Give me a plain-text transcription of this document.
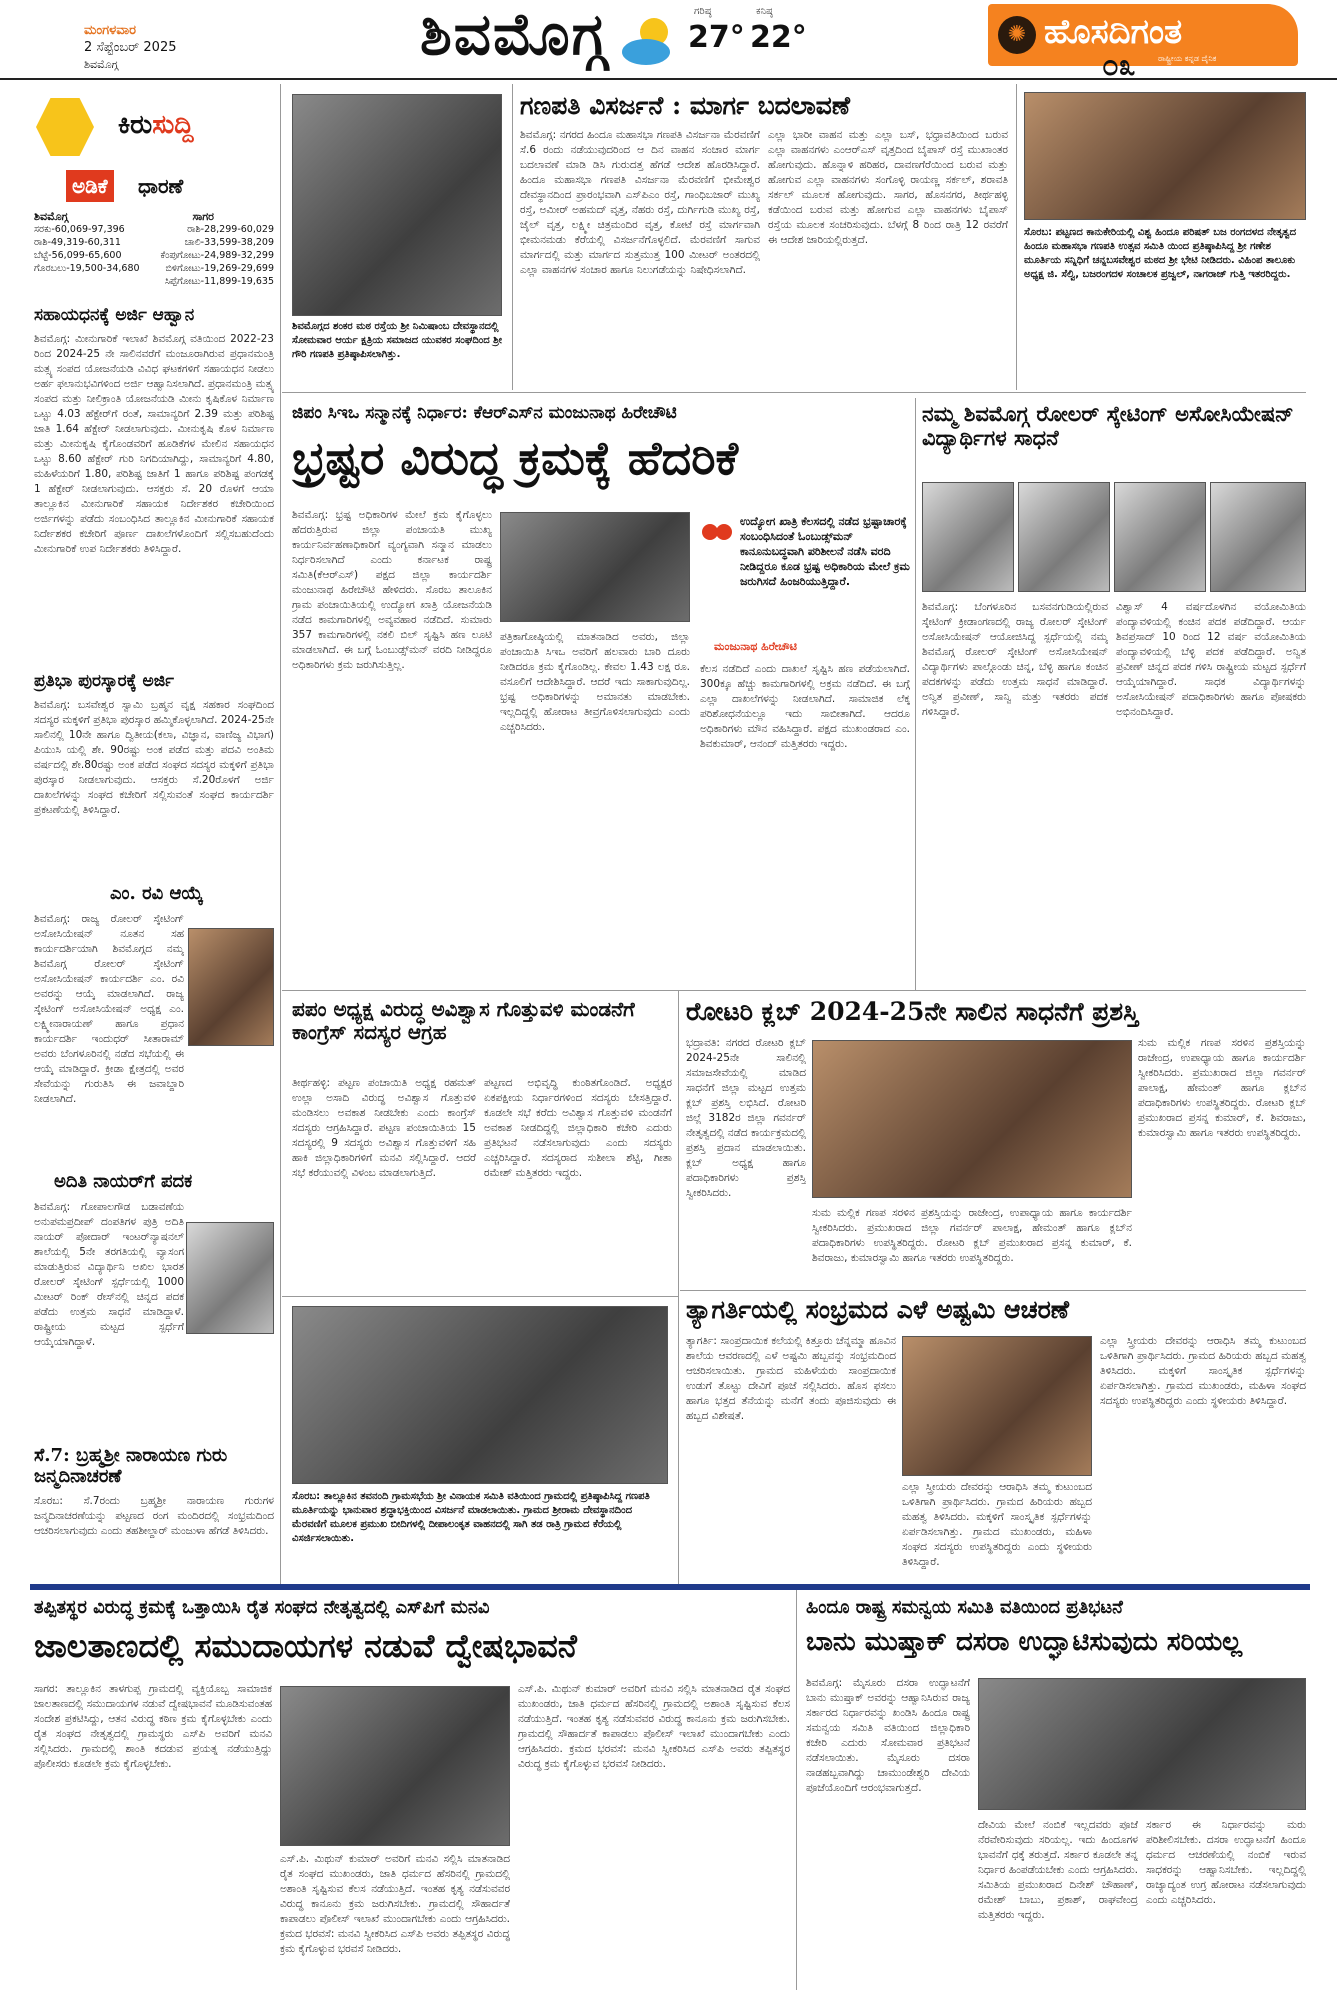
ಮಂಗಳವಾರ
2 ಸೆಪ್ಟೆಂಬರ್ 2025
ಶಿವಮೊಗ್ಗ	ಶಿವಮೊಗ್ಗ	ಗರಿಷ್ಠ
27°
ಕನಿಷ್ಠ
22°	✺ ಹೊಸದಿಗಂತ
ರಾಷ್ಟ್ರೀಯ ಕನ್ನಡ ದೈನಿಕ
೦೩
ಕಿರುಸುದ್ದಿ
ಅಡಿಕೆ	ಧಾರಣೆ
ಶಿವಮೊಗ್ಗ	ಸಾಗರ
ಸರಕು-60,069-97,396	ರಾಶಿ-28,299-60,029
ರಾಶಿ-49,319-60,311	ಚಾಲಿ-33,599-38,209
ಬೆಟ್ಟೆ-56,099-65,600	ಕೆಂಪುಗೋಟು-24,989-32,299
ಗೊರಬಲು-19,500-34,680	ಬಿಳಿಗೋಟು-19,269-29,699
ಸಿಪ್ಪೆಗೋಟು-11,899-19,635
ಸಹಾಯಧನಕ್ಕೆ ಅರ್ಜಿ ಆಹ್ವಾನ
ಶಿವಮೊಗ್ಗ: ಮೀನುಗಾರಿಕೆ ಇಲಾಖೆ ಶಿವಮೊಗ್ಗ ವತಿಯಿಂದ 2022-23 ರಿಂದ 2024-25 ನೇ ಸಾಲಿನವರೆಗೆ ಮಂಜೂರಾಗಿರುವ ಪ್ರಧಾನಮಂತ್ರಿ ಮತ್ಸ್ಯ ಸಂಪದ ಯೋಜನೆಯಡಿ ವಿವಿಧ ಘಟಕಗಳಿಗೆ ಸಹಾಯಧನ ನೀಡಲು ಅರ್ಹ ಫಲಾನುಭವಿಗಳಿಂದ ಅರ್ಜಿ ಆಹ್ವಾನಿಸಲಾಗಿದೆ. ಪ್ರಧಾನಮಂತ್ರಿ ಮತ್ಸ್ಯ ಸಂಪದ ಮತ್ತು ನೀಲಿಕ್ರಾಂತಿ ಯೋಜನೆಯಡಿ ಮೀನು ಕೃಷಿಕೊಳ ನಿರ್ಮಾಣ ಒಟ್ಟು 4.03 ಹೆಕ್ಟೇರ್‌ಗೆ ರಂತೆ, ಸಾಮಾನ್ಯರಿಗೆ 2.39 ಮತ್ತು ಪರಿಶಿಷ್ಟ ಜಾತಿ 1.64 ಹೆಕ್ಟೇರ್ ನೀಡಲಾಗುವುದು. ಮೀನುಕೃಷಿ ಕೊಳ ನಿರ್ಮಾಣ ಮತ್ತು ಮೀನುಕೃಷಿ ಕೈಗೊಂಡವರಿಗೆ ಹೂಡಿಕೆಗಳ ಮೇಲಿನ ಸಹಾಯಧನ ಒಟ್ಟು 8.60 ಹೆಕ್ಟೇರ್ ಗುರಿ ನಿಗದಿಯಾಗಿದ್ದು, ಸಾಮಾನ್ಯರಿಗೆ 4.80, ಮಹಿಳೆಯರಿಗೆ 1.80, ಪರಿಶಿಷ್ಟ ಜಾತಿಗೆ 1 ಹಾಗೂ ಪರಿಶಿಷ್ಟ ಪಂಗಡಕ್ಕೆ 1 ಹೆಕ್ಟೇರ್ ನೀಡಲಾಗುವುದು. ಆಸಕ್ತರು ಸೆ. 20 ರೊಳಗೆ ಆಯಾ ತಾಲ್ಲೂಕಿನ ಮೀನುಗಾರಿಕೆ ಸಹಾಯಕ ನಿರ್ದೇಶಕರ ಕಚೇರಿಯಿಂದ ಅರ್ಜಿಗಳನ್ನು ಪಡೆದು ಸಂಬಂಧಿಸಿದ ತಾಲ್ಲೂಕಿನ ಮೀನುಗಾರಿಕೆ ಸಹಾಯಕ ನಿರ್ದೇಶಕರ ಕಚೇರಿಗೆ ಪೂರ್ಣ ದಾಖಲೆಗಳೊಂದಿಗೆ ಸಲ್ಲಿಸಬಹುದೆಂದು ಮೀನುಗಾರಿಕೆ ಉಪ ನಿರ್ದೇಶಕರು ತಿಳಿಸಿದ್ದಾರೆ.
ಪ್ರತಿಭಾ ಪುರಸ್ಕಾರಕ್ಕೆ ಅರ್ಜಿ
ಶಿವಮೊಗ್ಗ: ಬಸವೇಶ್ವರ ಸ್ವಾಮಿ ಬ್ರಹ್ಮನ ವೃಕ್ಷ ಸಹಕಾರ ಸಂಘದಿಂದ ಸದಸ್ಯರ ಮಕ್ಕಳಿಗೆ ಪ್ರತಿಭಾ ಪುರಸ್ಕಾರ ಹಮ್ಮಿಕೊಳ್ಳಲಾಗಿದೆ. 2024-25ನೇ ಸಾಲಿನಲ್ಲಿ 10ನೇ ಹಾಗೂ ದ್ವಿತೀಯ(ಕಲಾ, ವಿಜ್ಞಾನ, ವಾಣಿಜ್ಯ ವಿಭಾಗ) ಪಿಯುಸಿ ಯಲ್ಲಿ ಶೇ. 90ರಷ್ಟು ಅಂಕ ಪಡೆದ ಮತ್ತು ಪದವಿ ಅಂತಿಮ ವರ್ಷದಲ್ಲಿ ಶೇ.80ರಷ್ಟು ಅಂಕ ಪಡೆದ ಸಂಘದ ಸದಸ್ಯರ ಮಕ್ಕಳಿಗೆ ಪ್ರತಿಭಾ ಪುರಸ್ಕಾರ ನೀಡಲಾಗುವುದು. ಆಸಕ್ತರು ಸೆ.20ರೊಳಗೆ ಅರ್ಜಿ ದಾಖಲೆಗಳನ್ನು ಸಂಘದ ಕಚೇರಿಗೆ ಸಲ್ಲಿಸುವಂತೆ ಸಂಘದ ಕಾರ್ಯದರ್ಶಿ ಪ್ರಕಟಣೆಯಲ್ಲಿ ತಿಳಿಸಿದ್ದಾರೆ.
ಎಂ. ರವಿ ಆಯ್ಕೆ
ಶಿವಮೊಗ್ಗ: ರಾಜ್ಯ ರೋಲರ್ ಸ್ಕೇಟಿಂಗ್ ಅಸೋಸಿಯೇಷನ್ ನೂತನ ಸಹ ಕಾರ್ಯದರ್ಶಿಯಾಗಿ ಶಿವಮೊಗ್ಗದ ನಮ್ಮ ಶಿವಮೊಗ್ಗ ರೋಲರ್ ಸ್ಕೇಟಿಂಗ್ ಅಸೋಸಿಯೇಷನ್ ಕಾರ್ಯದರ್ಶಿ ಎಂ. ರವಿ ಅವರನ್ನು ಆಯ್ಕೆ ಮಾಡಲಾಗಿದೆ. ರಾಜ್ಯ ಸ್ಕೇಟಿಂಗ್ ಅಸೋಸಿಯೇಷನ್ ಅಧ್ಯಕ್ಷ ಎಂ. ಲಕ್ಷ್ಮೀನಾರಾಯಣ್ ಹಾಗೂ ಪ್ರಧಾನ ಕಾರ್ಯದರ್ಶಿ ಇಂದುಧರ್ ಸೀತಾರಾಮ್ ಅವರು ಬೆಂಗಳೂರಿನಲ್ಲಿ ನಡೆದ ಸಭೆಯಲ್ಲಿ ಈ ಆಯ್ಕೆ ಮಾಡಿದ್ದಾರೆ. ಕ್ರೀಡಾ ಕ್ಷೇತ್ರದಲ್ಲಿ ಅವರ ಸೇವೆಯನ್ನು ಗುರುತಿಸಿ ಈ ಜವಾಬ್ದಾರಿ ನೀಡಲಾಗಿದೆ.
ಅದಿತಿ ನಾಯರ್‌ಗೆ ಪದಕ
ಶಿವಮೊಗ್ಗ: ಗೋಪಾಲಗೌಡ ಬಡಾವಣೆಯ ಅನುಪಮಪ್ರದೀಪ್ ದಂಪತಿಗಳ ಪುತ್ರಿ ಅದಿತಿ ನಾಯರ್ ಪೋದಾರ್ ಇಂಟರ್‌ನ್ಯಾಷನಲ್ ಶಾಲೆಯಲ್ಲಿ 5ನೇ ತರಗತಿಯಲ್ಲಿ ವ್ಯಾಸಂಗ ಮಾಡುತ್ತಿರುವ ವಿದ್ಯಾರ್ಥಿನಿ ಅಖಿಲ ಭಾರತ ರೋಲರ್ ಸ್ಕೇಟಿಂಗ್ ಸ್ಪರ್ಧೆಯಲ್ಲಿ 1000 ಮೀಟರ್ ರಿಂಕ್ ರೇಸ್‌ನಲ್ಲಿ ಚಿನ್ನದ ಪದಕ ಪಡೆದು ಉತ್ತಮ ಸಾಧನೆ ಮಾಡಿದ್ದಾಳೆ. ರಾಷ್ಟ್ರೀಯ ಮಟ್ಟದ ಸ್ಪರ್ಧೆಗೆ ಆಯ್ಕೆಯಾಗಿದ್ದಾಳೆ.
ಸೆ.7: ಬ್ರಹ್ಮಶ್ರೀ ನಾರಾಯಣ ಗುರು ಜನ್ಮದಿನಾಚರಣೆ
ಸೊರಬ: ಸೆ.7ರಂದು ಬ್ರಹ್ಮಶ್ರೀ ನಾರಾಯಣ ಗುರುಗಳ ಜನ್ಮದಿನಾಚರಣೆಯನ್ನು ಪಟ್ಟಣದ ರಂಗ ಮಂದಿರದಲ್ಲಿ ಸಂಭ್ರಮದಿಂದ ಆಚರಿಸಲಾಗುವುದು ಎಂದು ತಹಶೀಲ್ದಾರ್ ಮಂಜುಳಾ ಹೆಗಡೆ ತಿಳಿಸಿದರು.
ಶಿವಮೊಗ್ಗದ ಶಂಕರ ಮಠ ರಸ್ತೆಯ ಶ್ರೀ ನಿಮಿಷಾಂಬ ದೇವಸ್ಥಾನದಲ್ಲಿ ಸೋಮವಾರ ಆರ್ಯ ಕ್ಷತ್ರಿಯ ಸಮಾಜದ ಯುವಕರ ಸಂಘದಿಂದ ಶ್ರೀ ಗೌರಿ ಗಣಪತಿ ಪ್ರತಿಷ್ಠಾಪಿಸಲಾಗಿತ್ತು.
ಗಣಪತಿ ವಿಸರ್ಜನೆ : ಮಾರ್ಗ ಬದಲಾವಣೆ
ಶಿವಮೊಗ್ಗ: ನಗರದ ಹಿಂದೂ ಮಹಾಸಭಾ ಗಣಪತಿ ವಿಸರ್ಜನಾ ಮೆರವಣಿಗೆ ಸೆ.6 ರಂದು ನಡೆಯುವುದರಿಂದ ಆ ದಿನ ವಾಹನ ಸಂಚಾರ ಮಾರ್ಗ ಬದಲಾವಣೆ ಮಾಡಿ ಡಿಸಿ ಗುರುದತ್ತ ಹೆಗಡೆ ಆದೇಶ ಹೊರಡಿಸಿದ್ದಾರೆ. ಹಿಂದೂ ಮಹಾಸಭಾ ಗಣಪತಿ ವಿಸರ್ಜನಾ ಮೆರವಣಿಗೆ ಭೀಮೇಶ್ವರ ದೇವಸ್ಥಾನದಿಂದ ಪ್ರಾರಂಭವಾಗಿ ಎಸ್‌ಪಿಎಂ ರಸ್ತೆ, ಗಾಂಧಿಬಜಾರ್ ಮುಖ್ಯ ರಸ್ತೆ, ಅಮೀರ್ ಅಹಮದ್ ವೃತ್ತ, ನೆಹರು ರಸ್ತೆ, ದುರ್ಗಿಗುಡಿ ಮುಖ್ಯ ರಸ್ತೆ, ಜೈಲ್ ವೃತ್ತ, ಲಕ್ಷ್ಮೀ ಚಿತ್ರಮಂದಿರ ವೃತ್ತ, ಕೋಟೆ ರಸ್ತೆ ಮಾರ್ಗವಾಗಿ ಭೀಮನಮಡು ಕೆರೆಯಲ್ಲಿ ವಿಸರ್ಜನೆಗೊಳ್ಳಲಿದೆ. ಮೆರವಣಿಗೆ ಸಾಗುವ ಮಾರ್ಗದಲ್ಲಿ ಮತ್ತು ಮಾರ್ಗದ ಸುತ್ತಮುತ್ತ 100 ಮೀಟರ್ ಅಂತರದಲ್ಲಿ ಎಲ್ಲಾ ವಾಹನಗಳ ಸಂಚಾರ ಹಾಗೂ ನಿಲುಗಡೆಯನ್ನು ನಿಷೇಧಿಸಲಾಗಿದೆ.
ಎಲ್ಲಾ ಭಾರೀ ವಾಹನ ಮತ್ತು ಎಲ್ಲಾ ಬಸ್, ಭಧ್ರಾವತಿಯಿಂದ ಬರುವ ಎಲ್ಲಾ ವಾಹನಗಳು ಎಂಆರ್‌ಎಸ್ ವೃತ್ತದಿಂದ ಬೈಪಾಸ್ ರಸ್ತೆ ಮುಖಾಂತರ ಹೋಗುವುದು. ಹೊನ್ನಾಳಿ ಹರಿಹರ, ದಾವಣಗೆರೆಯಿಂದ ಬರುವ ಮತ್ತು ಹೋಗುವ ಎಲ್ಲಾ ವಾಹನಗಳು ಸಂಗೊಳ್ಳಿ ರಾಯಣ್ಣ ಸರ್ಕಲ್, ಶರಾವತಿ ಸರ್ಕಲ್ ಮೂಲಕ ಹೋಗುವುದು. ಸಾಗರ, ಹೊಸನಗರ, ತೀರ್ಥಹಳ್ಳಿ ಕಡೆಯಿಂದ ಬರುವ ಮತ್ತು ಹೋಗುವ ಎಲ್ಲಾ ವಾಹನಗಳು ಬೈಪಾಸ್ ರಸ್ತೆಯ ಮೂಲಕ ಸಂಚರಿಸುವುದು. ಬೆಳಗ್ಗೆ 8 ರಿಂದ ರಾತ್ರಿ 12 ರವರೆಗೆ ಈ ಆದೇಶ ಜಾರಿಯಲ್ಲಿರುತ್ತದೆ.
ಸೊರಬ: ಪಟ್ಟಣದ ಕಾನುಕೇರಿಯಲ್ಲಿ ವಿಶ್ವ ಹಿಂದೂ ಪರಿಷತ್ ಬಜ ರಂಗದಳದ ನೇತೃತ್ವದ ಹಿಂದೂ ಮಹಾಸಭಾ ಗಣಪತಿ ಉತ್ಸವ ಸಮಿತಿ ಯಿಂದ ಪ್ರತಿಷ್ಠಾಪಿಸಿದ್ದ ಶ್ರೀ ಗಣೇಶ ಮೂರ್ತಿಯ ಸನ್ನಿಧಿಗೆ ಚನ್ನಬಸವೇಶ್ವರ ಮಠದ ಶ್ರೀ ಭೇಟಿ ನೀಡಿದರು. ವಿಹಿಂಪ ತಾಲೂಕು ಅಧ್ಯಕ್ಷ ಜಿ. ಸೆಲ್ವಿ, ಬಜರಂಗದಳ ಸಂಚಾಲಕ ಪ್ರಜ್ವಲ್, ನಾಗರಾಜ್ ಗುತ್ತಿ ಇತರರಿದ್ದರು.
ಜಿಪಂ ಸಿಇಒ ಸನ್ಮಾನಕ್ಕೆ ನಿರ್ಧಾರ: ಕೆಆರ್‌ಎಸ್‌ನ ಮಂಜುನಾಥ ಹಿರೇಚೌಟಿ
ಭ್ರಷ್ಟರ ವಿರುದ್ಧ ಕ್ರಮಕ್ಕೆ ಹೆದರಿಕೆ
ಶಿವಮೊಗ್ಗ: ಭ್ರಷ್ಟ ಅಧಿಕಾರಿಗಳ ಮೇಲೆ ಕ್ರಮ ಕೈಗೊಳ್ಳಲು ಹೆದರುತ್ತಿರುವ ಜಿಲ್ಲಾ ಪಂಚಾಯತಿ ಮುಖ್ಯ ಕಾರ್ಯನಿರ್ವಹಣಾಧಿಕಾರಿಗೆ ವ್ಯಂಗ್ಯವಾಗಿ ಸನ್ಮಾನ ಮಾಡಲು ನಿರ್ಧರಿಸಲಾಗಿದೆ ಎಂದು ಕರ್ನಾಟಕ ರಾಷ್ಟ್ರ ಸಮಿತಿ(ಕೆಆರ್‌ಎಸ್) ಪಕ್ಷದ ಜಿಲ್ಲಾ ಕಾರ್ಯದರ್ಶಿ ಮಂಜುನಾಥ ಹಿರೇಚೌಟಿ ಹೇಳಿದರು. ಸೊರಬ ತಾಲೂಕಿನ ಗ್ರಾಮ ಪಂಚಾಯಿತಿಯಲ್ಲಿ ಉದ್ಯೋಗ ಖಾತ್ರಿ ಯೋಜನೆಯಡಿ ನಡೆದ ಕಾಮಗಾರಿಗಳಲ್ಲಿ ಅವ್ಯವಹಾರ ನಡೆದಿದೆ. ಸುಮಾರು 357 ಕಾಮಗಾರಿಗಳಲ್ಲಿ ನಕಲಿ ಬಿಲ್ ಸೃಷ್ಟಿಸಿ ಹಣ ಲೂಟಿ ಮಾಡಲಾಗಿದೆ. ಈ ಬಗ್ಗೆ ಓಂಬುಡ್ಸ್‌ಮನ್ ವರದಿ ನೀಡಿದ್ದರೂ ಅಧಿಕಾರಿಗಳು ಕ್ರಮ ಜರುಗಿಸುತ್ತಿಲ್ಲ.
ಪತ್ರಿಕಾಗೋಷ್ಠಿಯಲ್ಲಿ ಮಾತನಾಡಿದ ಅವರು, ಜಿಲ್ಲಾ ಪಂಚಾಯಿತಿ ಸಿಇಒ ಅವರಿಗೆ ಹಲವಾರು ಬಾರಿ ದೂರು ನೀಡಿದರೂ ಕ್ರಮ ಕೈಗೊಂಡಿಲ್ಲ. ಕೇವಲ 1.43 ಲಕ್ಷ ರೂ. ವಸೂಲಿಗೆ ಆದೇಶಿಸಿದ್ದಾರೆ. ಆದರೆ ಇದು ಸಾಕಾಗುವುದಿಲ್ಲ. ಭ್ರಷ್ಟ ಅಧಿಕಾರಿಗಳನ್ನು ಅಮಾನತು ಮಾಡಬೇಕು. ಇಲ್ಲದಿದ್ದಲ್ಲಿ ಹೋರಾಟ ತೀವ್ರಗೊಳಿಸಲಾಗುವುದು ಎಂದು ಎಚ್ಚರಿಸಿದರು.
ಉದ್ಯೋಗ ಖಾತ್ರಿ ಕೆಲಸದಲ್ಲಿ ನಡೆದ ಭ್ರಷ್ಟಾಚಾರಕ್ಕೆ ಸಂಬಂಧಿಸಿದಂತೆ ಓಂಬುಡ್ಸ್‌ಮನ್ ಕಾನೂನುಬದ್ಧವಾಗಿ ಪರಿಶೀಲನೆ ನಡೆಸಿ ವರದಿ ನೀಡಿದ್ದರೂ ಕೂಡ ಭ್ರಷ್ಟ ಅಧಿಕಾರಿಯ ಮೇಲೆ ಕ್ರಮ ಜರುಗಿಸದೆ ಹಿಂಜರಿಯುತ್ತಿದ್ದಾರೆ.
ಮಂಜುನಾಥ ಹಿರೇಚೌಟಿ
ಕೆಲಸ ನಡೆದಿದೆ ಎಂದು ದಾಖಲೆ ಸೃಷ್ಟಿಸಿ ಹಣ ಪಡೆಯಲಾಗಿದೆ. 300ಕ್ಕೂ ಹೆಚ್ಚು ಕಾಮಗಾರಿಗಳಲ್ಲಿ ಅಕ್ರಮ ನಡೆದಿದೆ. ಈ ಬಗ್ಗೆ ಎಲ್ಲಾ ದಾಖಲೆಗಳನ್ನು ನೀಡಲಾಗಿದೆ. ಸಾಮಾಜಿಕ ಲೆಕ್ಕ ಪರಿಶೋಧನೆಯಲ್ಲೂ ಇದು ಸಾಬೀತಾಗಿದೆ. ಆದರೂ ಅಧಿಕಾರಿಗಳು ಮೌನ ವಹಿಸಿದ್ದಾರೆ. ಪಕ್ಷದ ಮುಖಂಡರಾದ ಎಂ. ಶಿವಕುಮಾರ್, ಆನಂದ್ ಮತ್ತಿತರರು ಇದ್ದರು.
ನಮ್ಮ ಶಿವಮೊಗ್ಗ ರೋಲರ್ ಸ್ಕೇಟಿಂಗ್ ಅಸೋಸಿಯೇಷನ್ ವಿದ್ಯಾರ್ಥಿಗಳ ಸಾಧನೆ
ಶಿವಮೊಗ್ಗ: ಬೆಂಗಳೂರಿನ ಬಸವನಗುಡಿಯಲ್ಲಿರುವ ಸ್ಕೇಟಿಂಗ್ ಕ್ರೀಡಾಂಗಣದಲ್ಲಿ ರಾಜ್ಯ ರೋಲರ್ ಸ್ಕೇಟಿಂಗ್ ಅಸೋಸಿಯೇಷನ್ ಆಯೋಜಿಸಿದ್ದ ಸ್ಪರ್ಧೆಯಲ್ಲಿ ನಮ್ಮ ಶಿವಮೊಗ್ಗ ರೋಲರ್ ಸ್ಕೇಟಿಂಗ್ ಅಸೋಸಿಯೇಷನ್ ವಿದ್ಯಾರ್ಥಿಗಳು ಪಾಲ್ಗೊಂಡು ಚಿನ್ನ, ಬೆಳ್ಳಿ ಹಾಗೂ ಕಂಚಿನ ಪದಕಗಳನ್ನು ಪಡೆದು ಉತ್ತಮ ಸಾಧನೆ ಮಾಡಿದ್ದಾರೆ. ಅನ್ವಿತ ಪ್ರವೀಣ್, ಸಾನ್ವಿ ಮತ್ತು ಇತರರು ಪದಕ ಗಳಿಸಿದ್ದಾರೆ.
ವಿಶ್ವಾಸ್ 4 ವರ್ಷದೊಳಗಿನ ವಯೋಮಿತಿಯ ಪಂದ್ಯಾವಳಿಯಲ್ಲಿ ಕಂಚಿನ ಪದಕ ಪಡೆದಿದ್ದಾರೆ. ಆರ್ಯ ಶಿವಪ್ರಸಾದ್ 10 ರಿಂದ 12 ವರ್ಷ ವಯೋಮಿತಿಯ ಪಂದ್ಯಾವಳಿಯಲ್ಲಿ ಬೆಳ್ಳಿ ಪದಕ ಪಡೆದಿದ್ದಾರೆ. ಅನ್ವಿತ ಪ್ರವೀಣ್ ಚಿನ್ನದ ಪದಕ ಗಳಿಸಿ ರಾಷ್ಟ್ರೀಯ ಮಟ್ಟದ ಸ್ಪರ್ಧೆಗೆ ಆಯ್ಕೆಯಾಗಿದ್ದಾರೆ. ಸಾಧಕ ವಿದ್ಯಾರ್ಥಿಗಳನ್ನು ಅಸೋಸಿಯೇಷನ್ ಪದಾಧಿಕಾರಿಗಳು ಹಾಗೂ ಪೋಷಕರು ಅಭಿನಂದಿಸಿದ್ದಾರೆ.
ಪಪಂ ಅಧ್ಯಕ್ಷ ವಿರುದ್ಧ ಅವಿಶ್ವಾಸ ಗೊತ್ತುವಳಿ ಮಂಡನೆಗೆ ಕಾಂಗ್ರೆಸ್ ಸದಸ್ಯರ ಆಗ್ರಹ
ತೀರ್ಥಹಳ್ಳಿ: ಪಟ್ಟಣ ಪಂಚಾಯಿತಿ ಅಧ್ಯಕ್ಷ ರಹಮತ್ ಉಲ್ಲಾ ಅಸಾದಿ ವಿರುದ್ಧ ಅವಿಶ್ವಾಸ ಗೊತ್ತುವಳಿ ಮಂಡಿಸಲು ಅವಕಾಶ ನೀಡಬೇಕು ಎಂದು ಕಾಂಗ್ರೆಸ್ ಸದಸ್ಯರು ಆಗ್ರಹಿಸಿದ್ದಾರೆ. ಪಟ್ಟಣ ಪಂಚಾಯಿತಿಯ 15 ಸದಸ್ಯರಲ್ಲಿ 9 ಸದಸ್ಯರು ಅವಿಶ್ವಾಸ ಗೊತ್ತುವಳಿಗೆ ಸಹಿ ಹಾಕಿ ಜಿಲ್ಲಾಧಿಕಾರಿಗಳಿಗೆ ಮನವಿ ಸಲ್ಲಿಸಿದ್ದಾರೆ. ಆದರೆ ಸಭೆ ಕರೆಯುವಲ್ಲಿ ವಿಳಂಬ ಮಾಡಲಾಗುತ್ತಿದೆ.
ಪಟ್ಟಣದ ಅಭಿವೃದ್ಧಿ ಕುಂಠಿತಗೊಂಡಿದೆ. ಅಧ್ಯಕ್ಷರ ಏಕಪಕ್ಷೀಯ ನಿರ್ಧಾರಗಳಿಂದ ಸದಸ್ಯರು ಬೇಸತ್ತಿದ್ದಾರೆ. ಕೂಡಲೇ ಸಭೆ ಕರೆದು ಅವಿಶ್ವಾಸ ಗೊತ್ತುವಳಿ ಮಂಡನೆಗೆ ಅವಕಾಶ ನೀಡದಿದ್ದಲ್ಲಿ ಜಿಲ್ಲಾಧಿಕಾರಿ ಕಚೇರಿ ಎದುರು ಪ್ರತಿಭಟನೆ ನಡೆಸಲಾಗುವುದು ಎಂದು ಸದಸ್ಯರು ಎಚ್ಚರಿಸಿದ್ದಾರೆ. ಸದಸ್ಯರಾದ ಸುಶೀಲಾ ಶೆಟ್ಟಿ, ಗೀತಾ ರಮೇಶ್ ಮತ್ತಿತರರು ಇದ್ದರು.
ರೋಟರಿ ಕ್ಲಬ್ 2024-25ನೇ ಸಾಲಿನ ಸಾಧನೆಗೆ ಪ್ರಶಸ್ತಿ
ಭದ್ರಾವತಿ: ನಗರದ ರೋಟರಿ ಕ್ಲಬ್ 2024-25ನೇ ಸಾಲಿನಲ್ಲಿ ಸಮಾಜಸೇವೆಯಲ್ಲಿ ಮಾಡಿದ ಸಾಧನೆಗೆ ಜಿಲ್ಲಾ ಮಟ್ಟದ ಉತ್ತಮ ಕ್ಲಬ್ ಪ್ರಶಸ್ತಿ ಲಭಿಸಿದೆ. ರೋಟರಿ ಜಿಲ್ಲೆ 3182ರ ಜಿಲ್ಲಾ ಗವರ್ನರ್ ನೇತೃತ್ವದಲ್ಲಿ ನಡೆದ ಕಾರ್ಯಕ್ರಮದಲ್ಲಿ ಪ್ರಶಸ್ತಿ ಪ್ರದಾನ ಮಾಡಲಾಯಿತು. ಕ್ಲಬ್ ಅಧ್ಯಕ್ಷ ಹಾಗೂ ಪದಾಧಿಕಾರಿಗಳು ಪ್ರಶಸ್ತಿ ಸ್ವೀಕರಿಸಿದರು.
ಸುಮ ಮಲ್ಲಿಕ ಗಣಪ ಸರಳಿನ ಪ್ರಶಸ್ತಿಯನ್ನು ರಾಜೇಂದ್ರ, ಉಪಾಧ್ಯಾಯ ಹಾಗೂ ಕಾರ್ಯದರ್ಶಿ ಸ್ವೀಕರಿಸಿದರು. ಪ್ರಮುಖರಾದ ಜಿಲ್ಲಾ ಗವರ್ನರ್ ಪಾಲಾಕ್ಷ, ಹೇಮಂತ್ ಹಾಗೂ ಕ್ಲಬ್‌ನ ಪದಾಧಿಕಾರಿಗಳು ಉಪಸ್ಥಿತರಿದ್ದರು. ರೋಟರಿ ಕ್ಲಬ್ ಪ್ರಮುಖರಾದ ಪ್ರಸನ್ನ ಕುಮಾರ್, ಕೆ. ಶಿವರಾಜು, ಕುಮಾರಸ್ವಾಮಿ ಹಾಗೂ ಇತರರು ಉಪಸ್ಥಿತರಿದ್ದರು.
ಸುಮ ಮಲ್ಲಿಕ ಗಣಪ ಸರಳಿನ ಪ್ರಶಸ್ತಿಯನ್ನು ರಾಜೇಂದ್ರ, ಉಪಾಧ್ಯಾಯ ಹಾಗೂ ಕಾರ್ಯದರ್ಶಿ ಸ್ವೀಕರಿಸಿದರು. ಪ್ರಮುಖರಾದ ಜಿಲ್ಲಾ ಗವರ್ನರ್ ಪಾಲಾಕ್ಷ, ಹೇಮಂತ್ ಹಾಗೂ ಕ್ಲಬ್‌ನ ಪದಾಧಿಕಾರಿಗಳು ಉಪಸ್ಥಿತರಿದ್ದರು. ರೋಟರಿ ಕ್ಲಬ್ ಪ್ರಮುಖರಾದ ಪ್ರಸನ್ನ ಕುಮಾರ್, ಕೆ. ಶಿವರಾಜು, ಕುಮಾರಸ್ವಾಮಿ ಹಾಗೂ ಇತರರು ಉಪಸ್ಥಿತರಿದ್ದರು.
ಸೊರಬ: ತಾಲ್ಲೂಕಿನ ತವನಂದಿ ಗ್ರಾಮಸಭೆಯ ಶ್ರೀ ವಿನಾಯಕ ಸಮಿತಿ ವತಿಯಿಂದ ಗ್ರಾಮದಲ್ಲಿ ಪ್ರತಿಷ್ಠಾಪಿಸಿದ್ದ ಗಣಪತಿ ಮೂರ್ತಿಯನ್ನು ಭಾನುವಾರ ಶ್ರದ್ಧಾಭಕ್ತಿಯಿಂದ ವಿಸರ್ಜನೆ ಮಾಡಲಾಯಿತು. ಗ್ರಾಮದ ಶ್ರೀರಾಮ ದೇವಸ್ಥಾನದಿಂದ ಮೆರವಣಿಗೆ ಮೂಲಕ ಪ್ರಮುಖ ಬೀದಿಗಳಲ್ಲಿ ದೀಪಾಲಂಕೃತ ವಾಹನದಲ್ಲಿ ಸಾಗಿ ತಡ ರಾತ್ರಿ ಗ್ರಾಮದ ಕೆರೆಯಲ್ಲಿ ವಿಸರ್ಜಿಸಲಾಯಿತು.
ತ್ಯಾಗರ್ತಿಯಲ್ಲಿ ಸಂಭ್ರಮದ ಎಳೆ ಅಷ್ಟಮಿ ಆಚರಣೆ
ತ್ಯಾಗರ್ತಿ: ಸಾಂಪ್ರದಾಯಿಕ ಕಲೆಯಲ್ಲಿ ಕಿತ್ತೂರು ಚೆನ್ನಮ್ಮಾ ಹೂವಿನ ಶಾಲೆಯ ಆವರಣದಲ್ಲಿ ಎಳೆ ಅಷ್ಟಮಿ ಹಬ್ಬವನ್ನು ಸಂಭ್ರಮದಿಂದ ಆಚರಿಸಲಾಯಿತು. ಗ್ರಾಮದ ಮಹಿಳೆಯರು ಸಾಂಪ್ರದಾಯಿಕ ಉಡುಗೆ ತೊಟ್ಟು ದೇವಿಗೆ ಪೂಜೆ ಸಲ್ಲಿಸಿದರು. ಹೊಸ ಫಸಲು ಹಾಗೂ ಭತ್ತದ ತೆನೆಯನ್ನು ಮನೆಗೆ ತಂದು ಪೂಜಿಸುವುದು ಈ ಹಬ್ಬದ ವಿಶೇಷತೆ.
ಎಲ್ಲಾ ಸ್ತ್ರೀಯರು ದೇವರನ್ನು ಆರಾಧಿಸಿ ತಮ್ಮ ಕುಟುಂಬದ ಒಳಿತಿಗಾಗಿ ಪ್ರಾರ್ಥಿಸಿದರು. ಗ್ರಾಮದ ಹಿರಿಯರು ಹಬ್ಬದ ಮಹತ್ವ ತಿಳಿಸಿದರು. ಮಕ್ಕಳಿಗೆ ಸಾಂಸ್ಕೃತಿಕ ಸ್ಪರ್ಧೆಗಳನ್ನು ಏರ್ಪಡಿಸಲಾಗಿತ್ತು. ಗ್ರಾಮದ ಮುಖಂಡರು, ಮಹಿಳಾ ಸಂಘದ ಸದಸ್ಯರು ಉಪಸ್ಥಿತರಿದ್ದರು ಎಂದು ಸ್ಥಳೀಯರು ತಿಳಿಸಿದ್ದಾರೆ.
ಎಲ್ಲಾ ಸ್ತ್ರೀಯರು ದೇವರನ್ನು ಆರಾಧಿಸಿ ತಮ್ಮ ಕುಟುಂಬದ ಒಳಿತಿಗಾಗಿ ಪ್ರಾರ್ಥಿಸಿದರು. ಗ್ರಾಮದ ಹಿರಿಯರು ಹಬ್ಬದ ಮಹತ್ವ ತಿಳಿಸಿದರು. ಮಕ್ಕಳಿಗೆ ಸಾಂಸ್ಕೃತಿಕ ಸ್ಪರ್ಧೆಗಳನ್ನು ಏರ್ಪಡಿಸಲಾಗಿತ್ತು. ಗ್ರಾಮದ ಮುಖಂಡರು, ಮಹಿಳಾ ಸಂಘದ ಸದಸ್ಯರು ಉಪಸ್ಥಿತರಿದ್ದರು ಎಂದು ಸ್ಥಳೀಯರು ತಿಳಿಸಿದ್ದಾರೆ.
ತಪ್ಪಿತಸ್ಥರ ವಿರುದ್ಧ ಕ್ರಮಕ್ಕೆ ಒತ್ತಾಯಿಸಿ ರೈತ ಸಂಘದ ನೇತೃತ್ವದಲ್ಲಿ ಎಸ್‌ಪಿಗೆ ಮನವಿ
ಜಾಲತಾಣದಲ್ಲಿ ಸಮುದಾಯಗಳ ನಡುವೆ ದ್ವೇಷಭಾವನೆ
ಸಾಗರ: ತಾಲ್ಲೂಕಿನ ತಾಳಗುಪ್ಪ ಗ್ರಾಮದಲ್ಲಿ ವ್ಯಕ್ತಿಯೊಬ್ಬ ಸಾಮಾಜಿಕ ಜಾಲತಾಣದಲ್ಲಿ ಸಮುದಾಯಗಳ ನಡುವೆ ದ್ವೇಷಭಾವನೆ ಮೂಡಿಸುವಂತಹ ಸಂದೇಶ ಪ್ರಕಟಿಸಿದ್ದು, ಆತನ ವಿರುದ್ಧ ಕಠಿಣ ಕ್ರಮ ಕೈಗೊಳ್ಳಬೇಕು ಎಂದು ರೈತ ಸಂಘದ ನೇತೃತ್ವದಲ್ಲಿ ಗ್ರಾಮಸ್ಥರು ಎಸ್‌ಪಿ ಅವರಿಗೆ ಮನವಿ ಸಲ್ಲಿಸಿದರು. ಗ್ರಾಮದಲ್ಲಿ ಶಾಂತಿ ಕದಡುವ ಪ್ರಯತ್ನ ನಡೆಯುತ್ತಿದ್ದು ಪೊಲೀಸರು ಕೂಡಲೇ ಕ್ರಮ ಕೈಗೊಳ್ಳಬೇಕು.
ಎಸ್.ಪಿ. ಮಿಥುನ್ ಕುಮಾರ್ ಅವರಿಗೆ ಮನವಿ ಸಲ್ಲಿಸಿ ಮಾತನಾಡಿದ ರೈತ ಸಂಘದ ಮುಖಂಡರು, ಜಾತಿ ಧರ್ಮದ ಹೆಸರಿನಲ್ಲಿ ಗ್ರಾಮದಲ್ಲಿ ಅಶಾಂತಿ ಸೃಷ್ಟಿಸುವ ಕೆಲಸ ನಡೆಯುತ್ತಿದೆ. ಇಂತಹ ಕೃತ್ಯ ನಡೆಸುವವರ ವಿರುದ್ಧ ಕಾನೂನು ಕ್ರಮ ಜರುಗಿಸಬೇಕು. ಗ್ರಾಮದಲ್ಲಿ ಸೌಹಾರ್ದತೆ ಕಾಪಾಡಲು ಪೊಲೀಸ್ ಇಲಾಖೆ ಮುಂದಾಗಬೇಕು ಎಂದು ಆಗ್ರಹಿಸಿದರು. ಕ್ರಮದ ಭರವಸೆ: ಮನವಿ ಸ್ವೀಕರಿಸಿದ ಎಸ್‌ಪಿ ಅವರು ತಪ್ಪಿತಸ್ಥರ ವಿರುದ್ಧ ಕ್ರಮ ಕೈಗೊಳ್ಳುವ ಭರವಸೆ ನೀಡಿದರು.
ಎಸ್.ಪಿ. ಮಿಥುನ್ ಕುಮಾರ್ ಅವರಿಗೆ ಮನವಿ ಸಲ್ಲಿಸಿ ಮಾತನಾಡಿದ ರೈತ ಸಂಘದ ಮುಖಂಡರು, ಜಾತಿ ಧರ್ಮದ ಹೆಸರಿನಲ್ಲಿ ಗ್ರಾಮದಲ್ಲಿ ಅಶಾಂತಿ ಸೃಷ್ಟಿಸುವ ಕೆಲಸ ನಡೆಯುತ್ತಿದೆ. ಇಂತಹ ಕೃತ್ಯ ನಡೆಸುವವರ ವಿರುದ್ಧ ಕಾನೂನು ಕ್ರಮ ಜರುಗಿಸಬೇಕು. ಗ್ರಾಮದಲ್ಲಿ ಸೌಹಾರ್ದತೆ ಕಾಪಾಡಲು ಪೊಲೀಸ್ ಇಲಾಖೆ ಮುಂದಾಗಬೇಕು ಎಂದು ಆಗ್ರಹಿಸಿದರು. ಕ್ರಮದ ಭರವಸೆ: ಮನವಿ ಸ್ವೀಕರಿಸಿದ ಎಸ್‌ಪಿ ಅವರು ತಪ್ಪಿತಸ್ಥರ ವಿರುದ್ಧ ಕ್ರಮ ಕೈಗೊಳ್ಳುವ ಭರವಸೆ ನೀಡಿದರು.
ಹಿಂದೂ ರಾಷ್ಟ್ರ ಸಮನ್ವಯ ಸಮಿತಿ ವತಿಯಿಂದ ಪ್ರತಿಭಟನೆ
ಬಾನು ಮುಷ್ತಾಕ್ ದಸರಾ ಉದ್ಘಾಟಿಸುವುದು ಸರಿಯಲ್ಲ
ಶಿವಮೊಗ್ಗ: ಮೈಸೂರು ದಸರಾ ಉದ್ಘಾಟನೆಗೆ ಬಾನು ಮುಷ್ತಾಕ್ ಅವರನ್ನು ಆಹ್ವಾನಿಸಿರುವ ರಾಜ್ಯ ಸರ್ಕಾರದ ನಿರ್ಧಾರವನ್ನು ಖಂಡಿಸಿ ಹಿಂದೂ ರಾಷ್ಟ್ರ ಸಮನ್ವಯ ಸಮಿತಿ ವತಿಯಿಂದ ಜಿಲ್ಲಾಧಿಕಾರಿ ಕಚೇರಿ ಎದುರು ಸೋಮವಾರ ಪ್ರತಿಭಟನೆ ನಡೆಸಲಾಯಿತು. ಮೈಸೂರು ದಸರಾ ನಾಡಹಬ್ಬವಾಗಿದ್ದು ಚಾಮುಂಡೇಶ್ವರಿ ದೇವಿಯ ಪೂಜೆಯೊಂದಿಗೆ ಆರಂಭವಾಗುತ್ತದೆ.
ದೇವಿಯ ಮೇಲೆ ನಂಬಿಕೆ ಇಲ್ಲದವರು ಪೂಜೆ ನೆರವೇರಿಸುವುದು ಸರಿಯಲ್ಲ. ಇದು ಹಿಂದೂಗಳ ಭಾವನೆಗೆ ಧಕ್ಕೆ ತರುತ್ತದೆ. ಸರ್ಕಾರ ಕೂಡಲೇ ತನ್ನ ನಿರ್ಧಾರ ಹಿಂಪಡೆಯಬೇಕು ಎಂದು ಆಗ್ರಹಿಸಿದರು. ಸಮಿತಿಯ ಪ್ರಮುಖರಾದ ದಿನೇಶ್ ಚೌಹಾಣ್, ರಮೇಶ್ ಬಾಬು, ಪ್ರಕಾಶ್, ರಾಘವೇಂದ್ರ ಮತ್ತಿತರರು ಇದ್ದರು.
ಸರ್ಕಾರ ಈ ನಿರ್ಧಾರವನ್ನು ಮರು ಪರಿಶೀಲಿಸಬೇಕು. ದಸರಾ ಉದ್ಘಾಟನೆಗೆ ಹಿಂದೂ ಧರ್ಮದ ಆಚರಣೆಯಲ್ಲಿ ನಂಬಿಕೆ ಇರುವ ಸಾಧಕರನ್ನು ಆಹ್ವಾನಿಸಬೇಕು. ಇಲ್ಲದಿದ್ದಲ್ಲಿ ರಾಜ್ಯಾದ್ಯಂತ ಉಗ್ರ ಹೋರಾಟ ನಡೆಸಲಾಗುವುದು ಎಂದು ಎಚ್ಚರಿಸಿದರು.
